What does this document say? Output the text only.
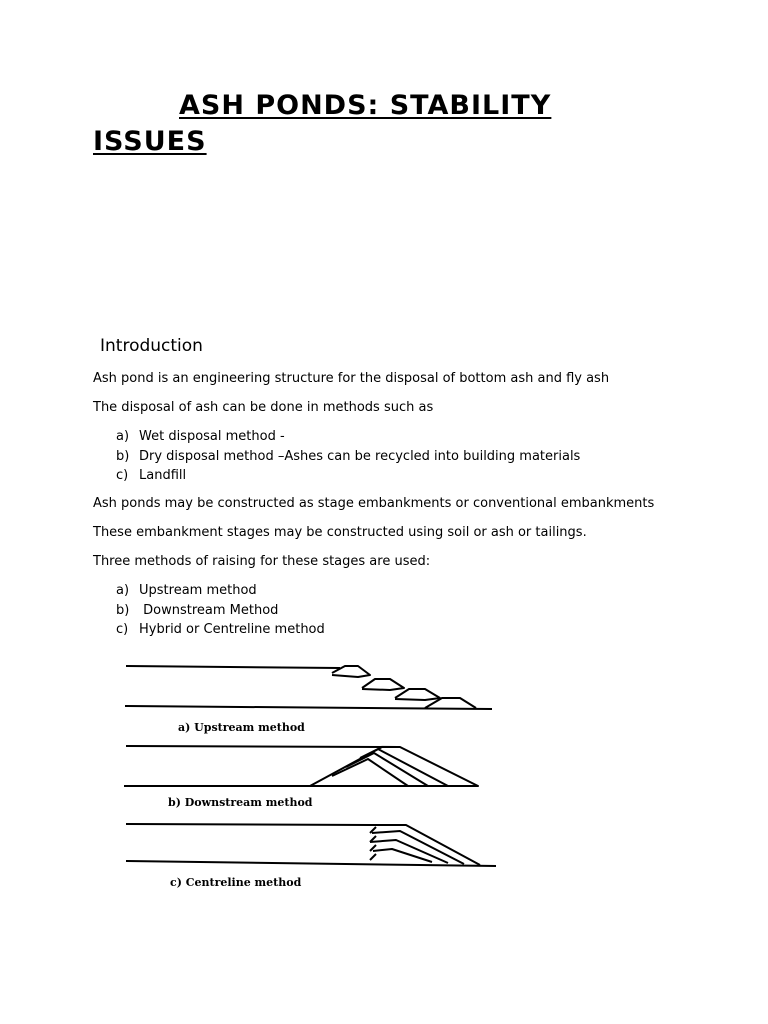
ASH PONDS: STABILITY
ISSUES
Introduction

Ash pond is an engineering structure for the disposal of bottom ash and fly ash

The disposal of ash can be done in methods such as

a) Wet disposal method -
b) Dry disposal method –Ashes can be recycled into building materials
c) Landfill

Ash ponds may be constructed as stage embankments or conventional embankments

These embankment stages may be constructed using soil or ash or tailings.

Three methods of raising for these stages are used:

a) Upstream method
b) Downstream Method
c) Hybrid or Centreline method
a) Upstream method
b) Downstream method
c) Centreline method
